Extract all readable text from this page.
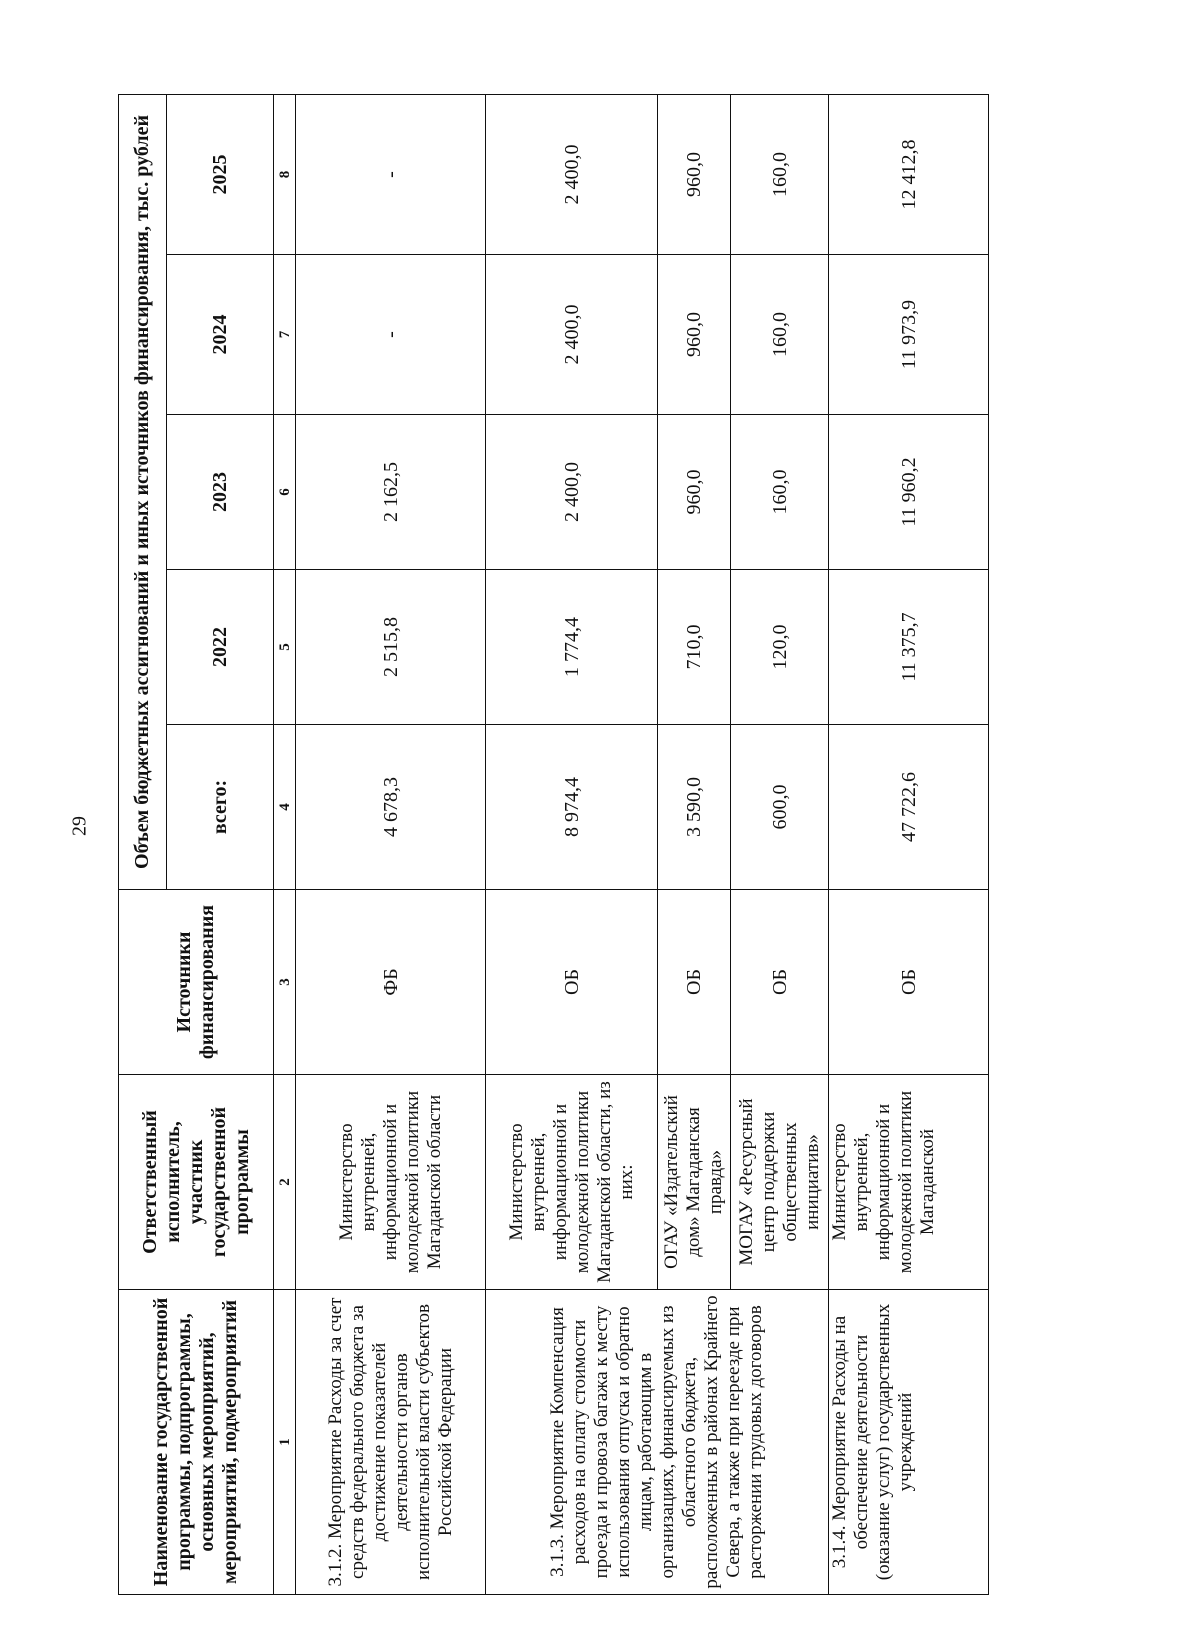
29
Наименование государственной программы, подпрограммы, основных мероприятий, мероприятий, подмероприятий	Ответственный исполнитель, участник государственной программы	Источники финансирования	Объем бюджетных ассигнований и иных источников финансирования, тыс. рублей				
			всего:	2022	2023	2024	2025
1	2	3	4	5	6	7	8
3.1.2. Мероприятие Расходы за счет средств федерального бюджета за достижение показателей деятельности органов исполнительной власти субъектов Российской Федерации	Министерство внутренней, информационной и молодежной политики Магаданской области	ФБ	4 678,3	2 515,8	2 162,5	-	-
3.1.3. Мероприятие Компенсация расходов на оплату стоимости проезда и провоза багажа к месту использования отпуска и обратно лицам, работающим в организациях, финансируемых из областного бюджета, расположенных в районах Крайнего Севера, а также при переезде при расторжении трудовых договоров	Министерство внутренней, информационной и молодежной политики Магаданской области, из них:	ОБ	8 974,4	1 774,4	2 400,0	2 400,0	2 400,0
	ОГАУ «Издательский дом» Магаданская правда»	ОБ	3 590,0	710,0	960,0	960,0	960,0
	МОГАУ «Ресурсный центр поддержки общественных инициатив»	ОБ	600,0	120,0	160,0	160,0	160,0

3.1.4. Мероприятие Расходы на обеспечение деятельности (оказание услуг) государственных учреждений	Министерство внутренней, информационной и молодежной политики Магаданской	ОБ	47 722,6	11 375,7	11 960,2	11 973,9	12 412,8
